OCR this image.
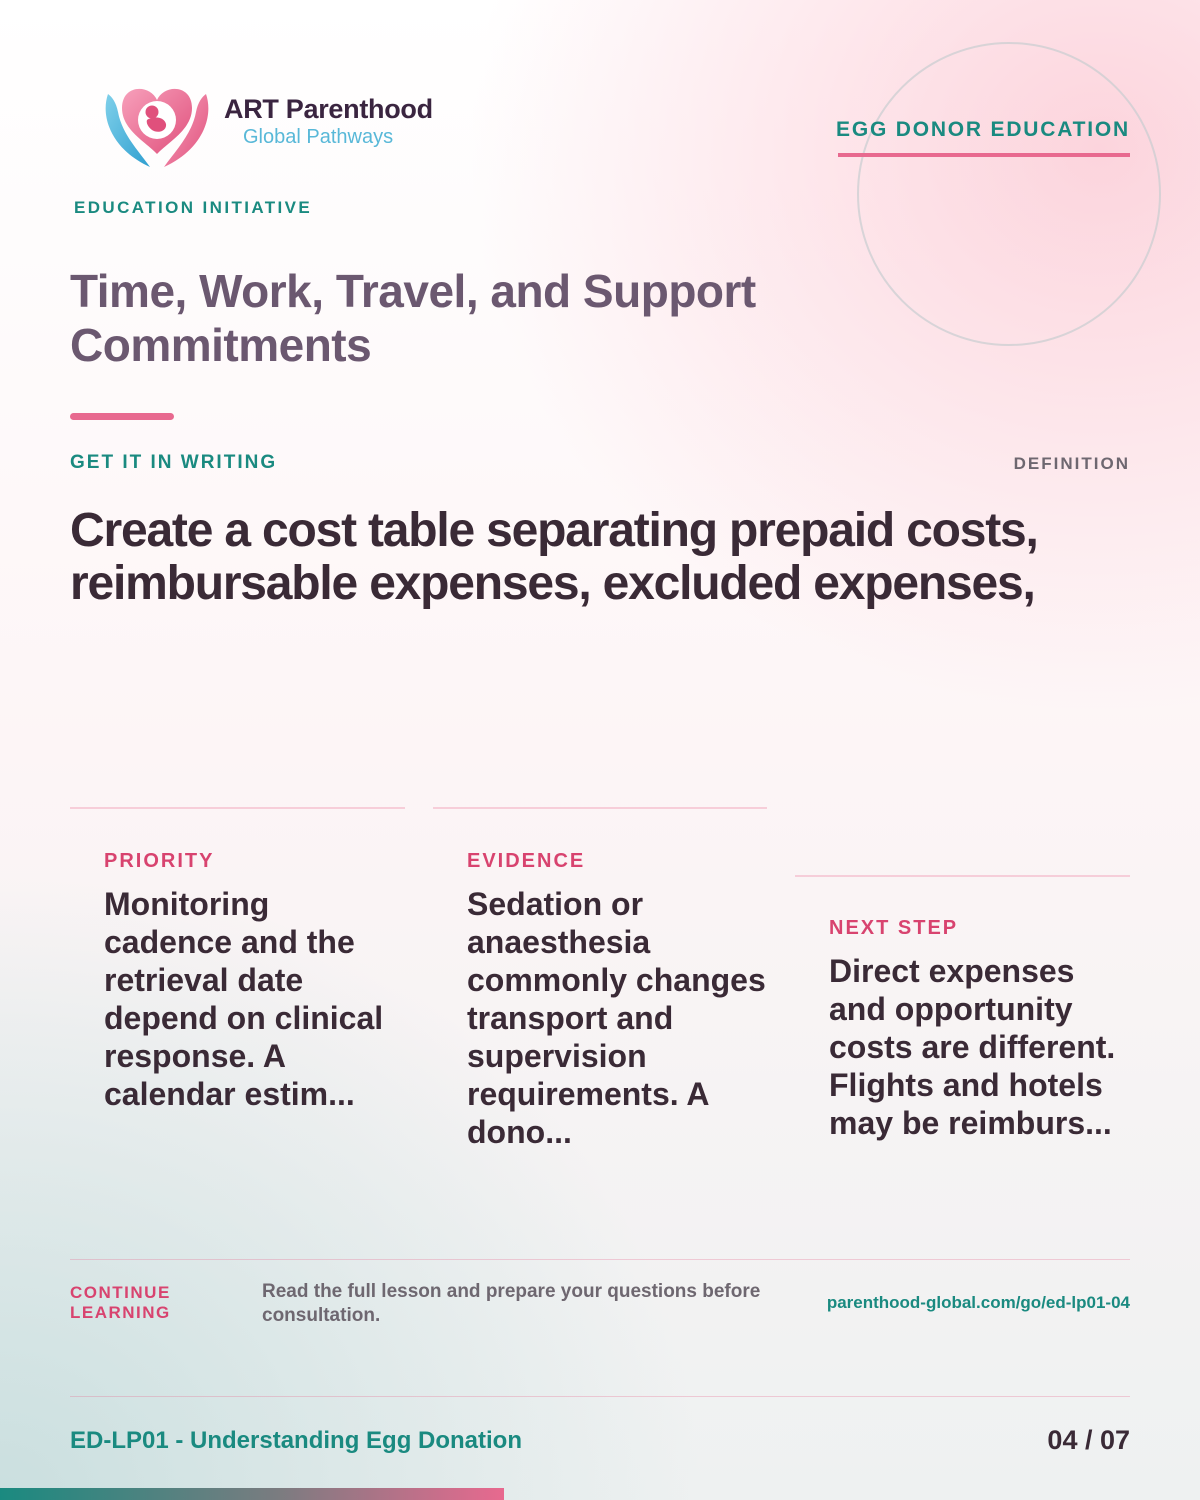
ART Parenthood
Global Pathways
EDUCATION INITIATIVE
EGG DONOR EDUCATION
Time, Work, Travel, and Support Commitments
GET IT IN WRITING	DEFINITION
Create a cost table separating prepaid costs, reimbursable expenses, excluded expenses,
PRIORITY
Monitoring cadence and the retrieval date depend on clinical response. A calendar estim...
EVIDENCE
Sedation or anaesthesia commonly changes transport and supervision requirements. A dono...
NEXT STEP
Direct expenses and opportunity costs are different. Flights and hotels may be reimburs...
CONTINUE LEARNING
Read the full lesson and prepare your questions before consultation.
parenthood-global.com/go/ed-lp01-04
ED-LP01 - Understanding Egg Donation	04 / 07
